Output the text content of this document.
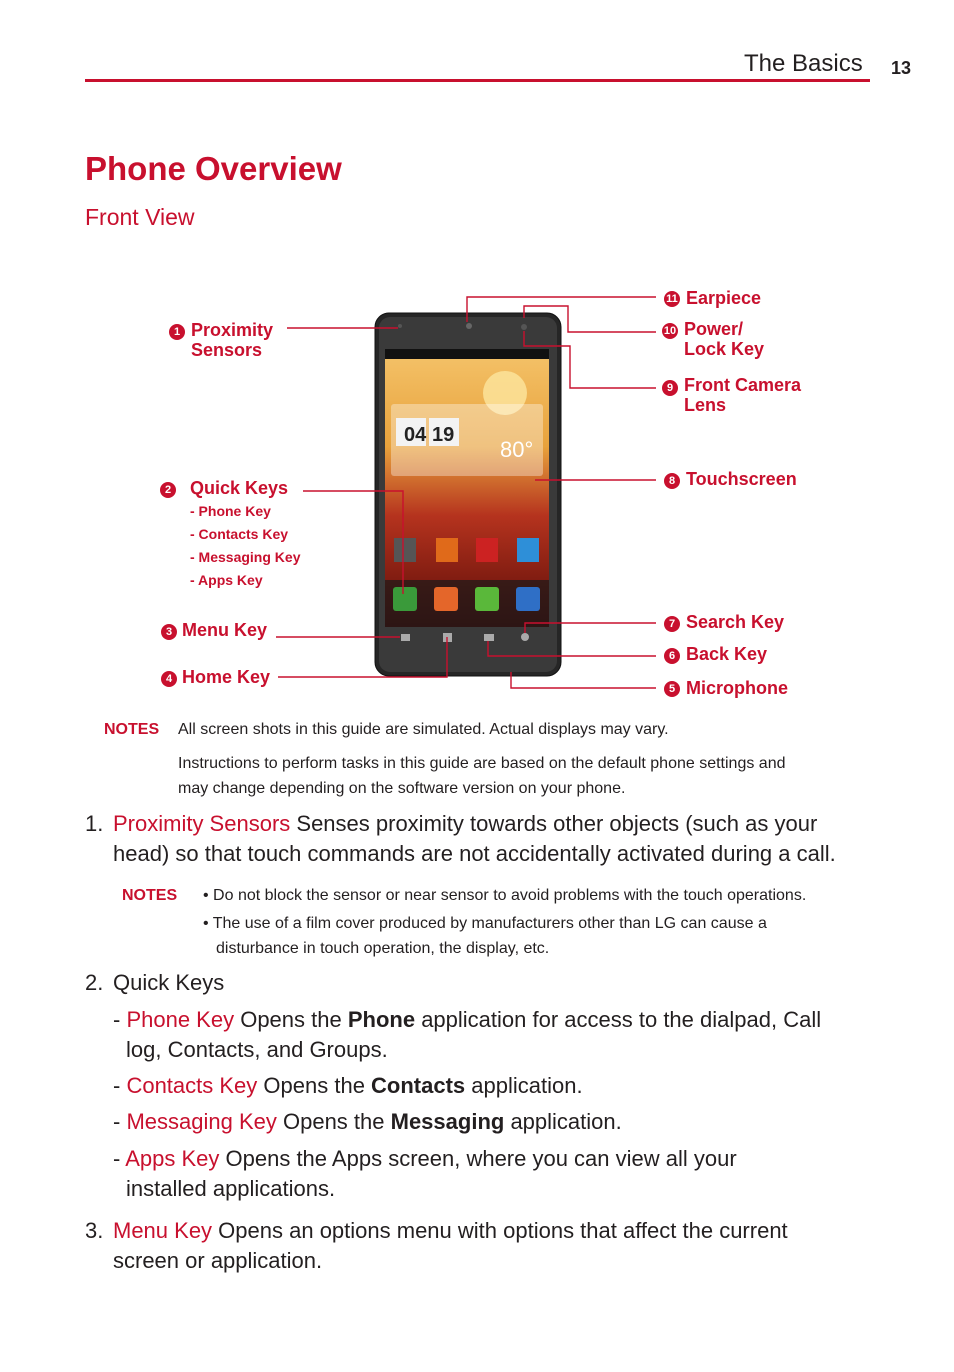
The Basics 13
Phone Overview
Front View
04 19
80°
1 Proximity
Sensors
2 Quick Keys
- Phone Key
- Contacts Key
- Messaging Key
- Apps Key
3 Menu Key
4 Home Key
5 Microphone
6 Back Key
7 Search Key
8 Touchscreen
9 Front Camera
Lens
10 Power/
Lock Key
11 Earpiece
NOTES All screen shots in this guide are simulated. Actual displays may vary.
Instructions to perform tasks in this guide are based on the default phone settings and
may change depending on the software version on your phone.
1. Proximity Sensors Senses proximity towards other objects (such as your
head) so that touch commands are not accidentally activated during a call.
NOTES • Do not block the sensor or near sensor to avoid problems with the touch operations.
• The use of a film cover produced by manufacturers other than LG can cause a
disturbance in touch operation, the display, etc.
2. Quick Keys
- Phone Key Opens the Phone application for access to the dialpad, Call
log, Contacts, and Groups.
- Contacts Key Opens the Contacts application.
- Messaging Key Opens the Messaging application.
- Apps Key Opens the Apps screen, where you can view all your
installed applications.
3. Menu Key Opens an options menu with options that affect the current
screen or application.
